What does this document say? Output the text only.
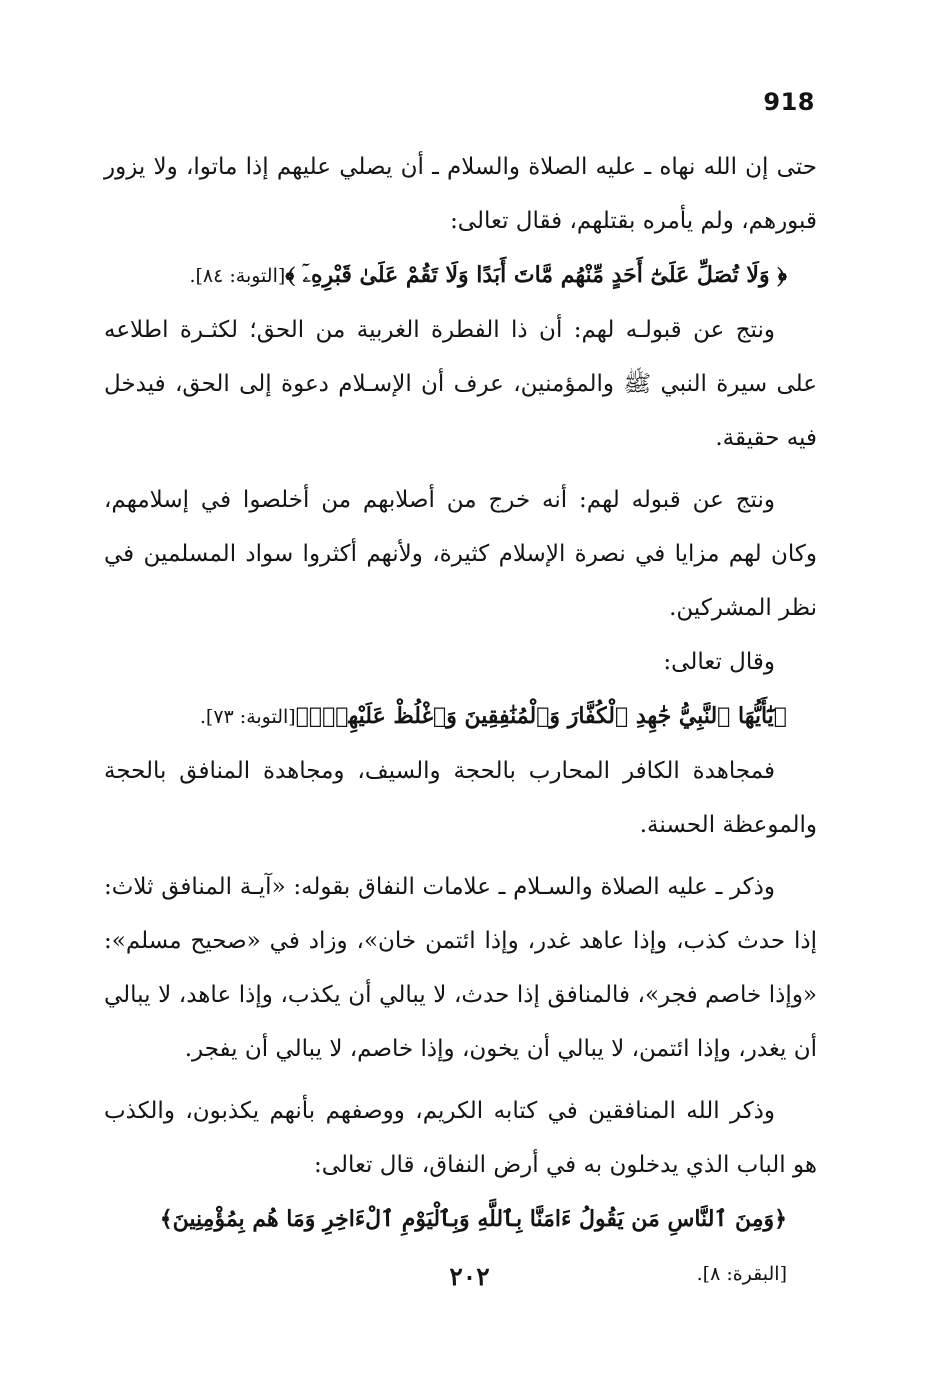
918

حتى إن الله نهاه ـ عليه الصلاة والسلام ـ أن يصلي عليهم إذا ماتوا، ولا يزور قبورهم، ولم يأمره بقتلهم، فقال تعالى:

﴿ وَلَا تُصَلِّ عَلَىٰٓ أَحَدٍ مِّنْهُم مَّاتَ أَبَدًا وَلَا تَقُمْ عَلَىٰ قَبْرِهِۦٓ ﴾[التوبة: ٨٤].

ونتج عن قبولـه لهم: أن ذا الفطرة الغربية من الحق؛ لكثـرة اطلاعه على سيرة النبي ﷺ والمؤمنين، عرف أن الإسـلام دعوة إلى الحق، فيدخل فيه حقيقة.

ونتج عن قبوله لهم: أنه خرج من أصلابهم من أخلصوا في إسلامهم، وكان لهم مزايا في نصرة الإسلام كثيرة، ولأنهم أكثروا سواد المسلمين في نظر المشركين.

وقال تعالى:

﴿يَٰٓأَيُّهَا ٱلنَّبِيُّ جَٰهِدِ ٱلْكُفَّارَ وَٱلْمُنَٰفِقِينَ وَٱغْلُظْ عَلَيْهِمْۚ﴾[التوبة: ٧٣].

فمجاهدة الكافر المحارب بالحجة والسيف، ومجاهدة المنافق بالحجة والموعظة الحسنة.

وذكر ـ عليه الصلاة والسـلام ـ علامات النفاق بقوله: «آيـة المنافق ثلاث: إذا حدث كذب، وإذا عاهد غدر، وإذا ائتمن خان»، وزاد في «صحيح مسلم»: «وإذا خاصم فجر»، فالمنافق إذا حدث، لا يبالي أن يكذب، وإذا عاهد، لا يبالي أن يغدر، وإذا ائتمن، لا يبالي أن يخون، وإذا خاصم، لا يبالي أن يفجر.

وذكر الله المنافقين في كتابه الكريم، ووصفهم بأنهم يكذبون، والكذب هو الباب الذي يدخلون به في أرض النفاق، قال تعالى:

﴿وَمِنَ ٱلنَّاسِ مَن يَقُولُ ءَامَنَّا بِٱللَّهِ وَبِٱلْيَوْمِ ٱلْءَاخِرِ وَمَا هُم بِمُؤْمِنِينَ﴾[البقرة: ٨].

٢٠٢
